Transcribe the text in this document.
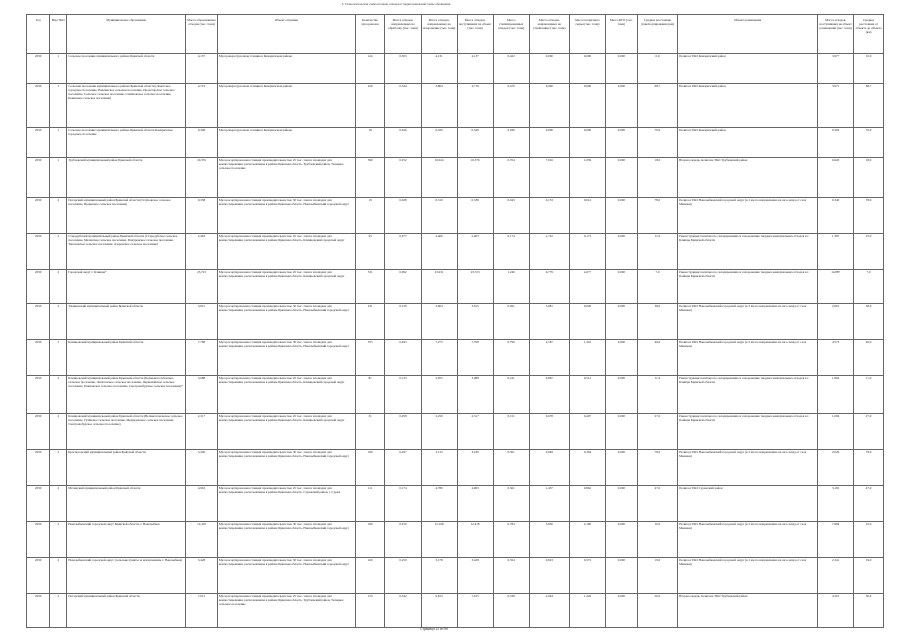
3. Технологическая схема потоков отходов в территориальной схеме обращения
Год	Вид ТКО	Муниципальное образование	Масса образованных отходов (тыс. тонн)	Объект отправки	Количество мусоровозов	Масса отходов, направленных на обработку (тыс. тонн)	Масса отходов, направленных на захоронение (тыс. тонн)	Масса отходов, поступивших на объект (тыс. тонн)	Масса утилизированных отходов (тыс. тонн)	Масса отходов, направленных на утилизацию (тыс. тонн)	Масса вторичного сырья (тыс. тонн)	Масса КГО (тыс. тонн)	Среднее расстояние транспортирования (км)	Объект размещения	Масса отходов, поступивших на объект размещения (тыс. тонн)	Среднее расстояние от объекта до объекта (км)
2030	1	Сельское поселение муниципального района Брянской области	4,137	Мусороперегрузочная станция в Комаричском районе	124	0,303	4,131	4,137	0,422	0,000	0,000	0,000	0,0	Полигон ТКО Комаричский район	3,977	10,0
2030	1	Сельские поселения муниципального района Брянской области (Локотское городское поселение, Навлинское сельское поселение, Пролетарское сельское поселение, Сельское сельское поселение, Семёновское сельское поселение, Кокинское сельское поселение)	4,719	Мусороперегрузочная станция в Комаричском районе	220	0,344	3,864	4,719	0,470	0,000	0,000	0,000	68,7	Полигон ТКО Комаричский район	3,971	68,7
2030	1	Сельское поселение муниципального района Брянской области Комаричское городское поселение	0,348	Мусороперегрузочная станция в Комаричском районе	18	0,026	0,320	0,348	0,036	0,000	0,000	0,000	70,0	Полигон ТКО Комаричский район	0,302	70,0
2030	1	Трубчевский муниципальный район Брянской области	10,376	Мусоросортировочная станция производительностью 25 тыс. тонн в площадях для компостирования, расположенная в районе Брянская область, Трубчевский район, Телецкое сельское поселение	390	0,252	10,024	10,376	0,704	7,016	1,039	0,000	18,0	Вторая очередь полигона ТКО Трубчевский район	0,620	18,0
2030	2	Погарский муниципальный район Брянской области (Гетуновское сельское поселение, Ирдинское сельское поселение)	0,338	Мусоросортировочная станция производительностью 30 тыс. тонн в площадях для компостирования, расположенная в районе Брянская область, Новозыбковский городской округ	19	0,028	0,310	0,338	0,043	0,153	0,012	0,000	78,0	Полигон ТКО Новозыбковский городской округ (в 2 км по направлению на юго-запад от села Манюки)	0,340	78,0
2030	2	Стародубский муниципальный район Брянской области (Стародубское сельское поселение, Меленское сельское поселение, Понуровское сельское поселение, Тереховское сельское поселение, Азаровское сельское поселение)	2,463	Мусоросортировочная станция производительностью 45 тыс. тонн в площадях для компостирования, расположенная в районе Брянская область, Клинцовский городской округ	45	0,077	2,406	2,463	0,174	1,722	0,173	0,000	11,0	Реконструкция полигона по складированию и захоронению твердых коммунальных отходов в г. Клинцы Брянской области	1,387	25,0
2030	2	Городской округ г. Клинцы*	23,723	Мусоросортировочная станция производительностью 45 тыс. тонн в площадях для компостирования, расположенная в районе Брянская область, Клинцовский городской округ	531	0,092	23,631	23,723	1,246	6,779	4,677	0,000	7,0	Реконструкция полигона по складированию и захоронению твердых коммунальных отходов в г. Клинцы Брянской области	14,887	7,0
2030	2	Злынковский муниципальный район Брянской области	3,915	Мусоросортировочная станция производительностью 30 тыс. тонн в площадях для компостирования, расположенная в районе Брянская область, Новозыбковский городской округ	231	0,129	3,604	3,915	0,491	3,081	0,049	0,000	38,0	Полигон ТКО Новозыбковский городской округ (в 2 км по направлению на юго-запад от села Манюки)	2,091	38,0
2030	2	Клинцовский муниципальный район Брянской области	7,768	Мусоросортировочная станция производительностью 30 тыс. тонн в площадях для компостирования, расположенная в районе Брянская область, Новозыбковский городской округ	353	0,493	7,275	7,768	0,799	2,187	1,310	0,000	49,0	Полигон ТКО Новозыбковский городской округ (в 2 км по направлению на юго-запад от села Манюки)	4,573	49,0
2030	2	Клинцовский муниципальный район Брянской области (Коржовоголубовское сельское поселение, Лопатенское сельское поселение, Первомайское сельское поселение, Рожновское сельское поселение, Смотровобудское сельское поселение)*	3,088	Мусоросортировочная станция производительностью 45 тыс. тонн в площадях для компостирования, расположенная в районе Брянская область, Клинцовский городской округ	81	0,133	2,955	3,088	0,241	0,867	0,512	0,000	11,0	Реконструкция полигона по складированию и захоронению твердых коммунальных отходов в г. Клинцы Брянской области	1,964	11,0
2030	2	Клинцовский муниципальный район Брянской области (Великотопальское сельское поселение, Гулёвское сельское поселение, Медведовское сельское поселение, Смотровобудское сельское поселение)	2,317	Мусоросортировочная станция производительностью 45 тыс. тонн в площадях для компостирования, расположенная в районе Брянская область, Клинцовский городской округ	31	0,058	2,259	2,317	0,151	0,678	0,407	0,000	27,0	Реконструкция полигона по складированию и захоронению твердых коммунальных отходов в г. Клинцы Брянской области	1,094	27,0
2030	2	Красногорский муниципальный район Брянской области	3,430	Мусоросортировочная станция производительностью 30 тыс. тонн в площадях для компостирования, расположенная в районе Брянская область, Новозыбковский городской округ	190	0,297	3,133	3,430	0,361	0,949	0,364	0,000	78,0	Полигон ТКО Новозыбковский городской округ (в 2 км по направлению на юго-запад от села Манюки)	2,026	78,0
2030	2	Мглинский муниципальный район Брянской области	4,963	Мусоросортировочная станция производительностью 25 тыс. тонн в площадях для компостирования, расположенная в районе Брянская область, Суражский район, г. Сураж	111	0,174	4,789	4,963	0,361	1,437	0,862	0,000	47,0	Полигон ТКО Суражский район	3,165	47,0
2030	2	Новозыбковский городской округ Брянской области, г. Новозыбков	12,418	Мусоросортировочная станция производительностью 30 тыс. тонн в площадях для компостирования, расположенная в районе Брянская область, Новозыбковский городской округ	190	0,250	12,168	12,418	0,784	3,850	2,190	0,000	10,0	Полигон ТКО Новозыбковский городской округ (в 2 км по направлению на юго-запад от села Манюки)	7,984	10,0
2030	2	Новозыбковский городской округ (сельские пункты за исключением г. Новозыбков)	3,428	Мусоросортировочная станция производительностью 30 тыс. тонн в площадях для компостирования, расположенная в районе Брянская область, Новозыбковский городской округ	160	0,250	3,178	3,428	0,354	0,923	0,572	0,000	19,0	Полигон ТКО Новозыбковский городской округ (в 2 км по направлению на юго-запад от села Манюки)	2,341	19,0
2030	2	Погарский муниципальный район Брянской области	7,015	Мусоросортировочная станция производительностью 25 тыс. тонн в площадях для компостирования, расположенная в районе Брянская область, Трубчевский район, Телецкое сельское поселение	153	0,342	6,813	7,015	0,338	2,044	1,226	0,000	56,0	Вторая очередь полигона ТКО Трубчевский район	4,501	56,0
Страница 25 из 86
